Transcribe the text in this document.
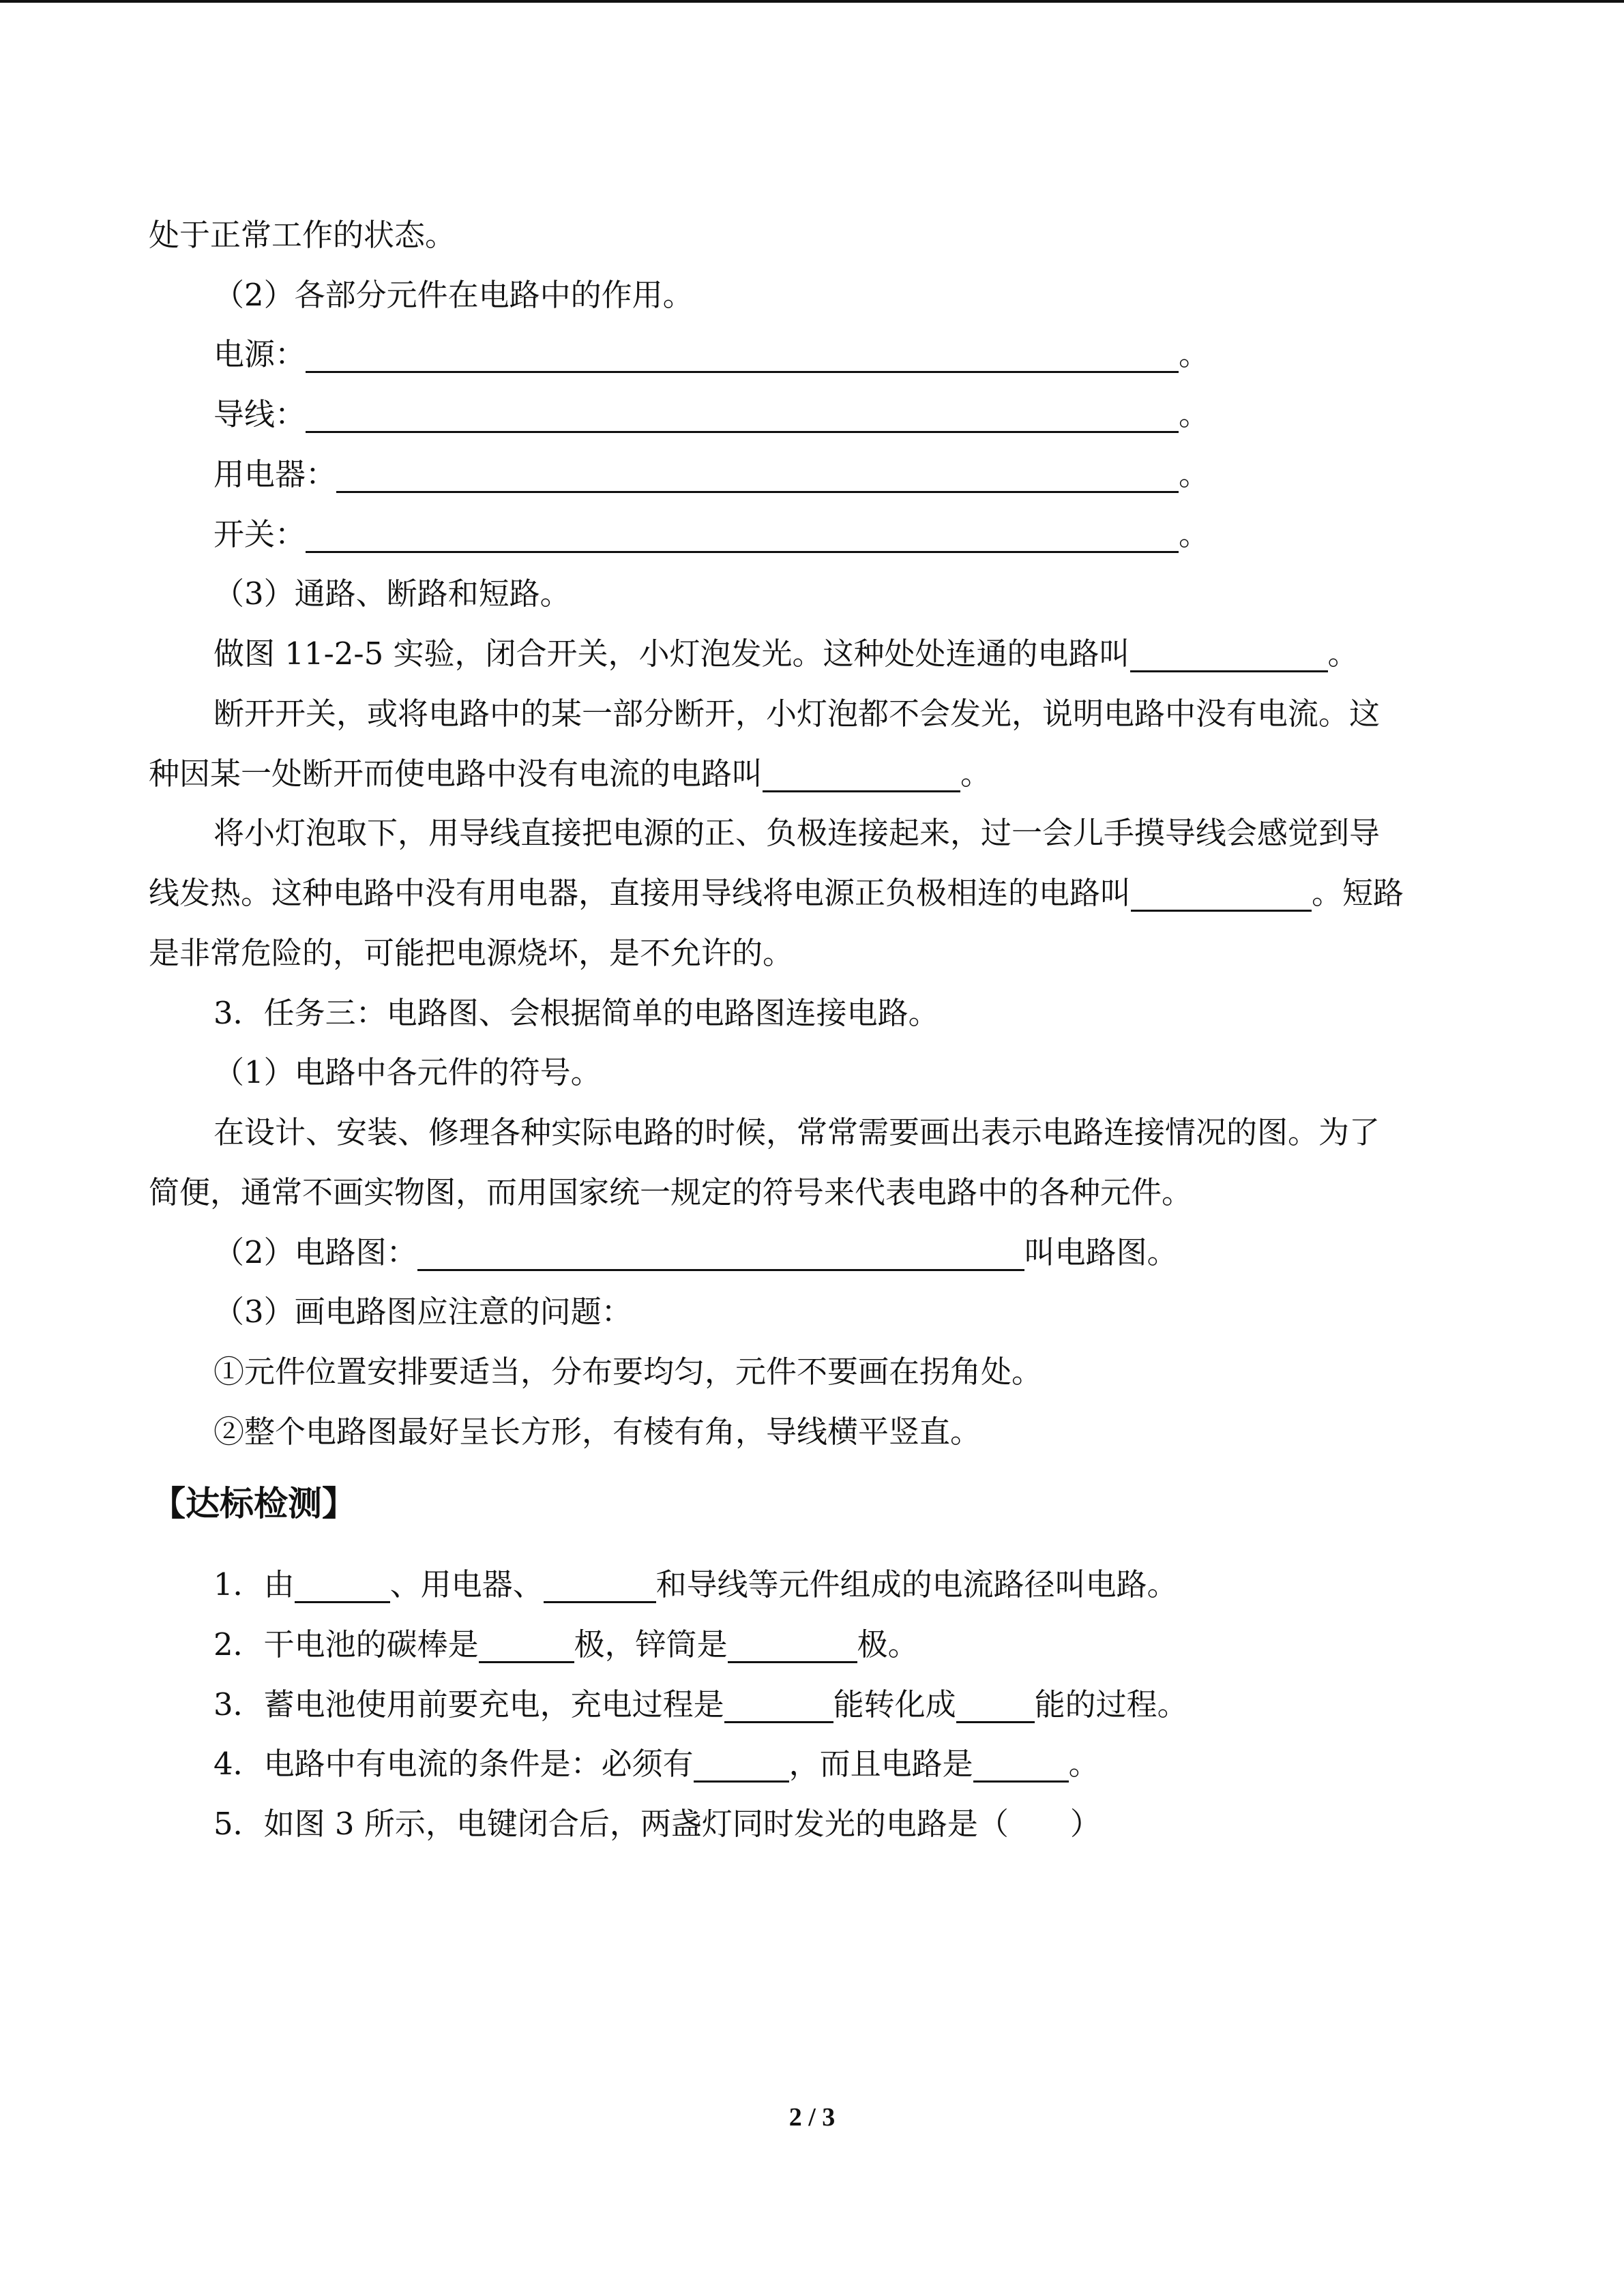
处于正常工作的状态。
（2）各部分元件在电路中的作用。
电源：	。
导线：	。
用电器：	。
开关：	。
（3）通路、断路和短路。
做图 11-2-5 实验，闭合开关，小灯泡发光。这种处处连通的电路叫	。
断开开关，或将电路中的某一部分断开，小灯泡都不会发光，说明电路中没有电流。这
种因某一处断开而使电路中没有电流的电路叫	。
将小灯泡取下，用导线直接把电源的正、负极连接起来，过一会儿手摸导线会感觉到导
线发热。这种电路中没有用电器，直接用导线将电源正负极相连的电路叫	。短路
是非常危险的，可能把电源烧坏，是不允许的。
3．任务三：电路图、会根据简单的电路图连接电路。
（1）电路中各元件的符号。
在设计、安装、修理各种实际电路的时候，常常需要画出表示电路连接情况的图。为了
简便，通常不画实物图，而用国家统一规定的符号来代表电路中的各种元件。
（2）电路图：	叫电路图。
（3）画电路图应注意的问题：
①元件位置安排要适当，分布要均匀，元件不要画在拐角处。
②整个电路图最好呈长方形，有棱有角，导线横平竖直。
【达标检测】
1．由	、用电器、	和导线等元件组成的电流路径叫电路。
2．干电池的碳棒是	极，锌筒是	极。
3．蓄电池使用前要充电，充电过程是	能转化成	能的过程。
4．电路中有电流的条件是：必须有	，而且电路是	。
5．如图 3 所示，电键闭合后，两盏灯同时发光的电路是（　　）
2 / 3
